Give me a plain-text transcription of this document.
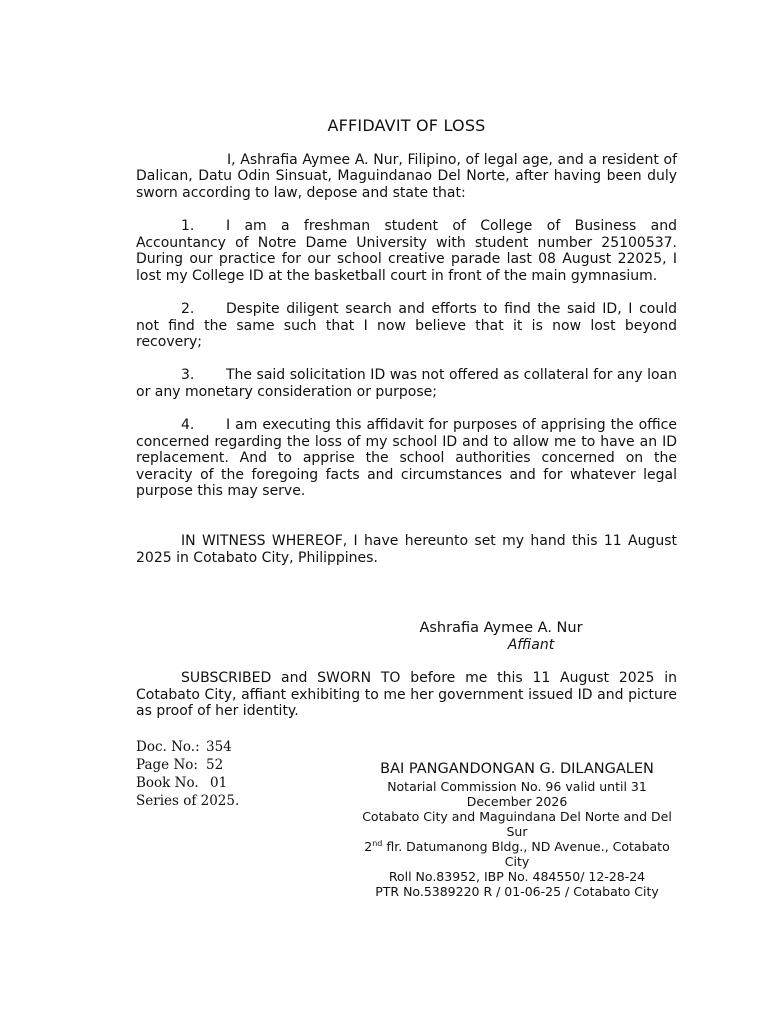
AFFIDAVIT OF LOSS

I, Ashrafia Aymee A. Nur, Filipino, of legal age, and a resident of Dalican, Datu Odin Sinsuat, Maguindanao Del Norte, after having been duly sworn according to law, depose and state that:

1. I am a freshman student of College of Business and Accountancy of Notre Dame University with student number 25100537. During our practice for our school creative parade last 08 August 22025, I lost my College ID at the basketball court in front of the main gymnasium.

2. Despite diligent search and efforts to find the said ID, I could not find the same such that I now believe that it is now lost beyond recovery;

3. The said solicitation ID was not offered as collateral for any loan or any monetary consideration or purpose;

4. I am executing this affidavit for purposes of apprising the office concerned regarding the loss of my school ID and to allow me to have an ID replacement. And to apprise the school authorities concerned on the veracity of the foregoing facts and circumstances and for whatever legal purpose this may serve.

IN WITNESS WHEREOF, I have hereunto set my hand this 11 August 2025 in Cotabato City, Philippines.

Ashrafia Aymee A. Nur
Affiant

SUBSCRIBED and SWORN TO before me this 11 August 2025 in Cotabato City, affiant exhibiting to me her government issued ID and picture as proof of her identity.

Doc. No.: 354
Page No: 52
Book No. 01
Series of 2025.
BAI PANGANDONGAN G. DILANGALEN
Notarial Commission No. 96 valid until 31 December 2026
Cotabato City and Maguindana Del Norte and Del Sur
2nd flr. Datumanong Bldg., ND Avenue., Cotabato City
Roll No.83952, IBP No. 484550/ 12-28-24
PTR No.5389220 R / 01-06-25 / Cotabato City
